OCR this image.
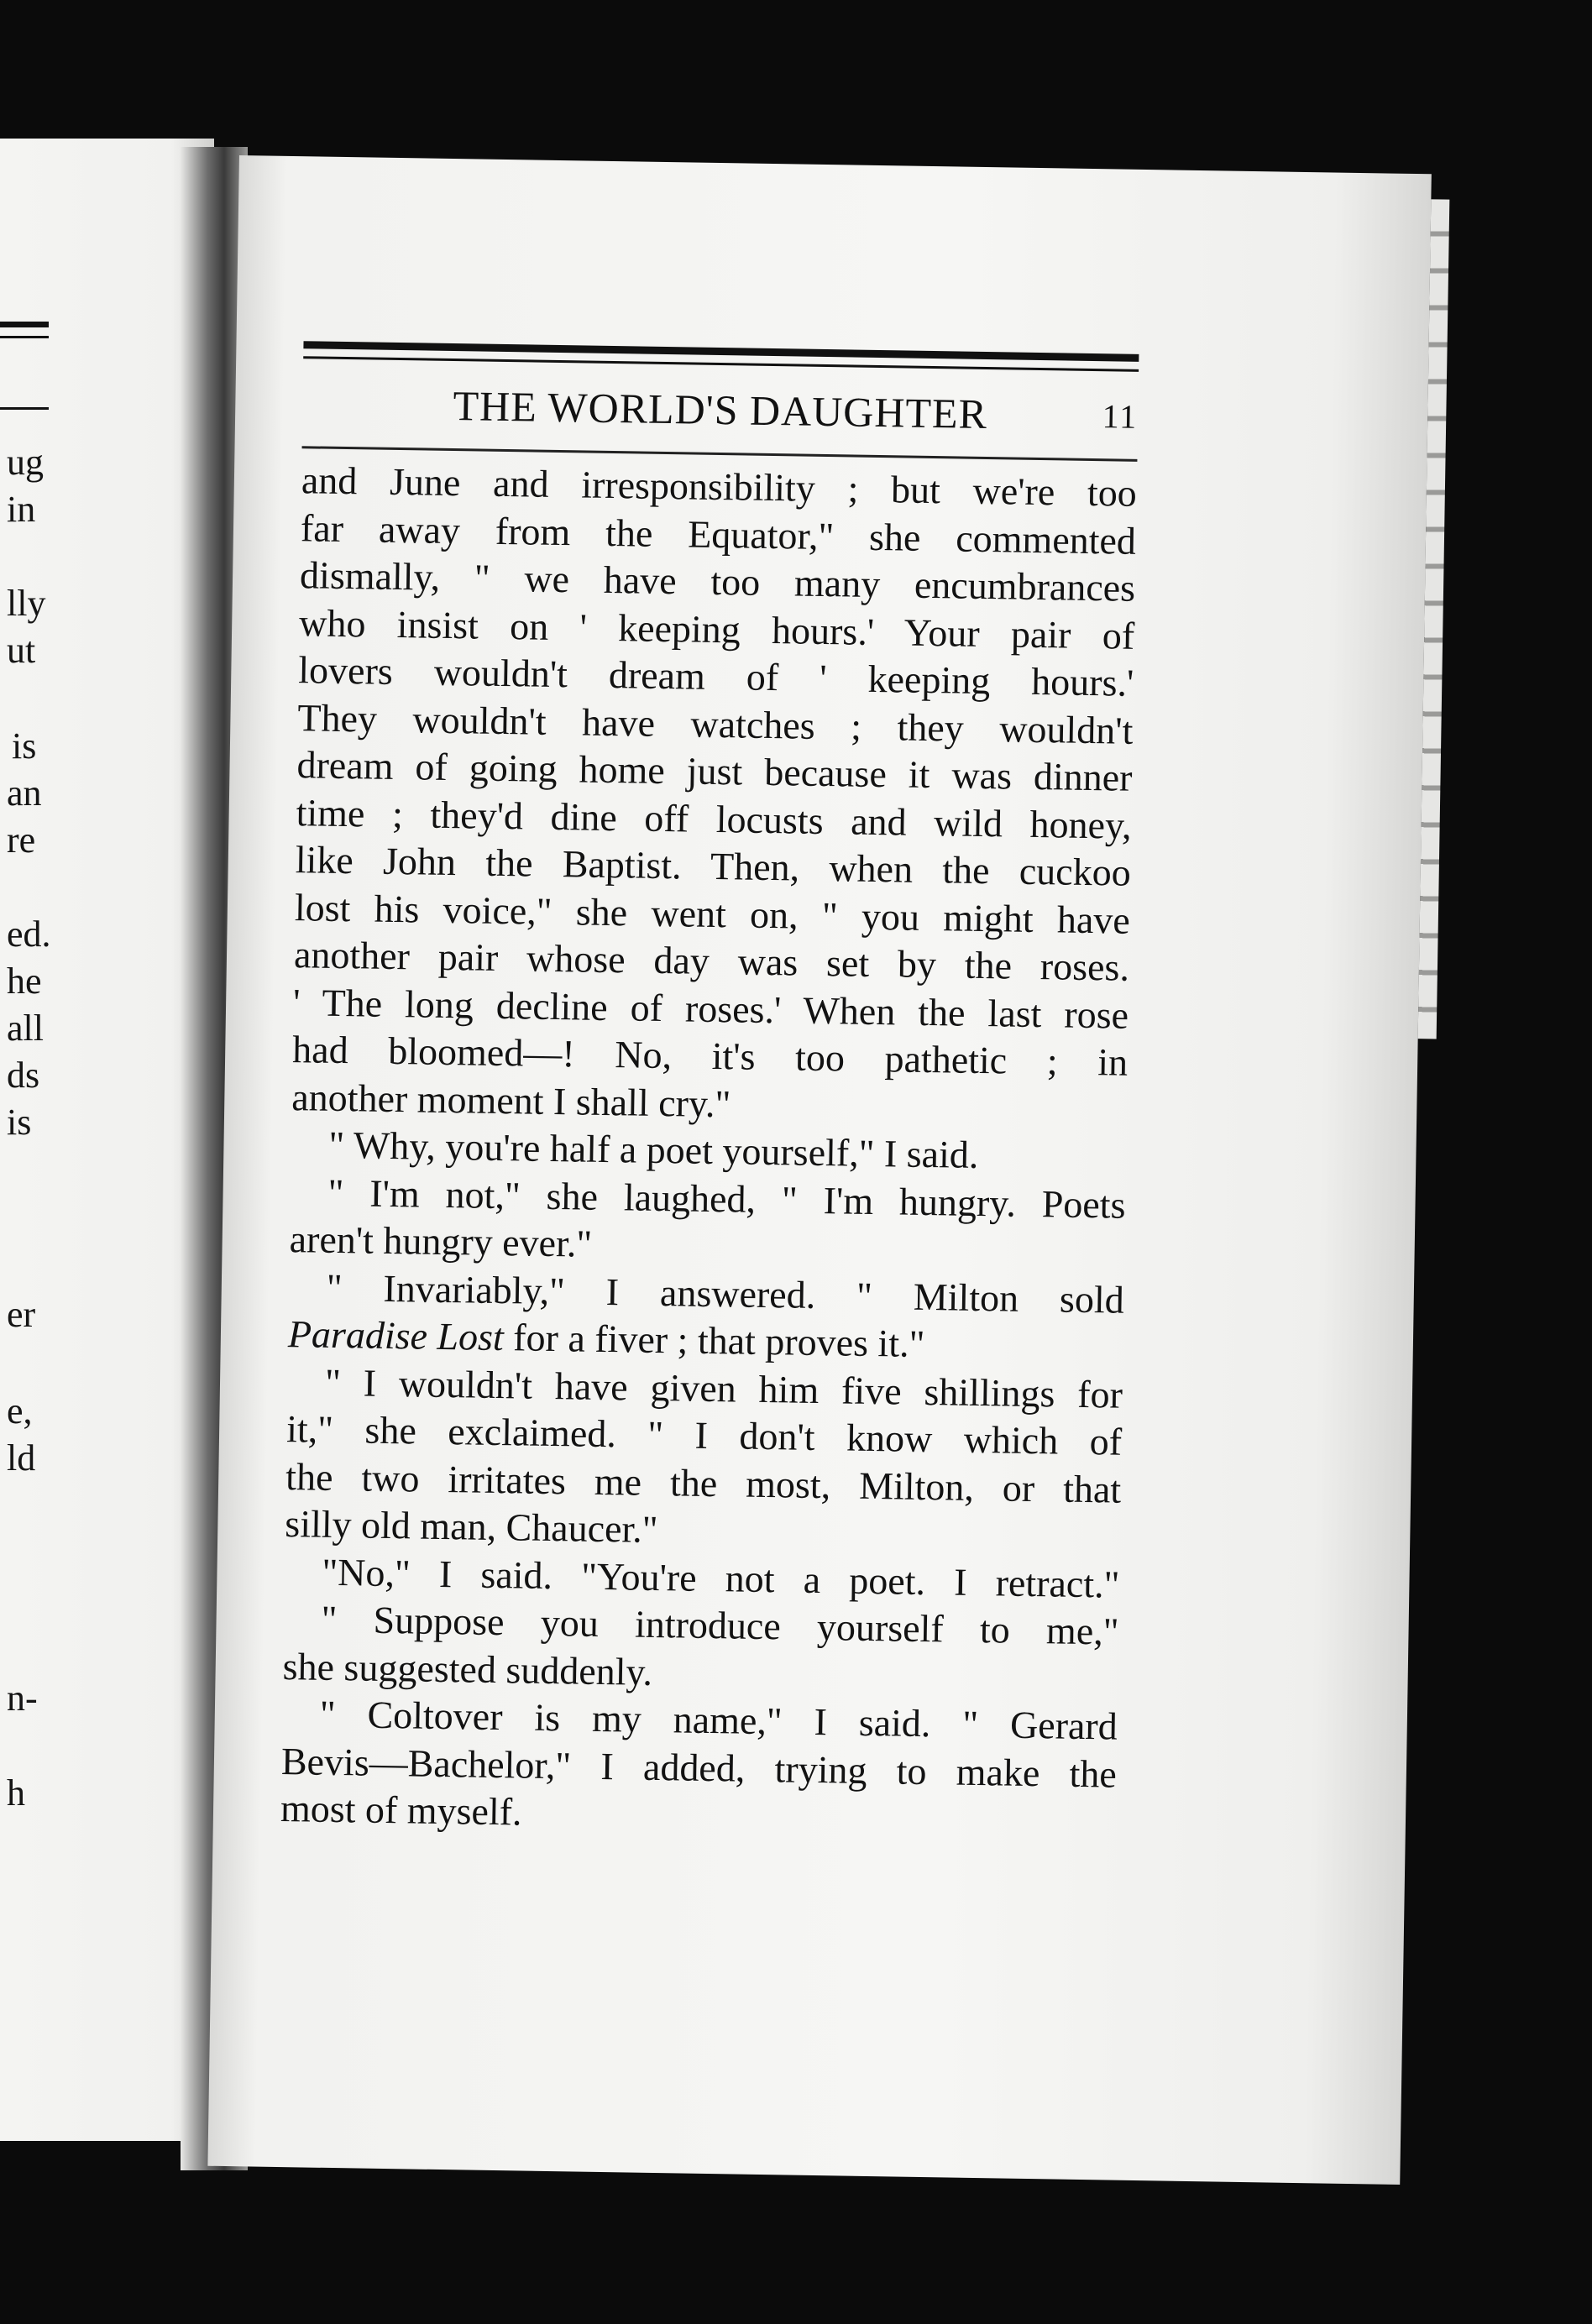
ug
in
lly
ut
is
an
re
ed.
he
all
ds
is
er
e,
ld
n-
h
THE WORLD'S DAUGHTER	11
and June and irresponsibility ; but we're too
far away from the Equator," she commented
dismally, " we have too many encumbrances
who insist on ' keeping hours.' Your pair of
lovers wouldn't dream of ' keeping hours.'
They wouldn't have watches ; they wouldn't
dream of going home just because it was dinner
time ; they'd dine off locusts and wild honey,
like John the Baptist. Then, when the cuckoo
lost his voice," she went on, " you might have
another pair whose day was set by the roses.
' The long decline of roses.' When the last rose
had bloomed—! No, it's too pathetic ; in
another moment I shall cry."
" Why, you're half a poet yourself," I said.
" I'm not," she laughed, " I'm hungry. Poets
aren't hungry ever."
" Invariably," I answered. " Milton sold
Paradise Lost for a fiver ; that proves it."
" I wouldn't have given him five shillings for
it," she exclaimed. " I don't know which of
the two irritates me the most, Milton, or that
silly old man, Chaucer."
"No," I said. "You're not a poet. I retract."
" Suppose you introduce yourself to me,"
she suggested suddenly.
" Coltover is my name," I said. " Gerard
Bevis—Bachelor," I added, trying to make the
most of myself.
